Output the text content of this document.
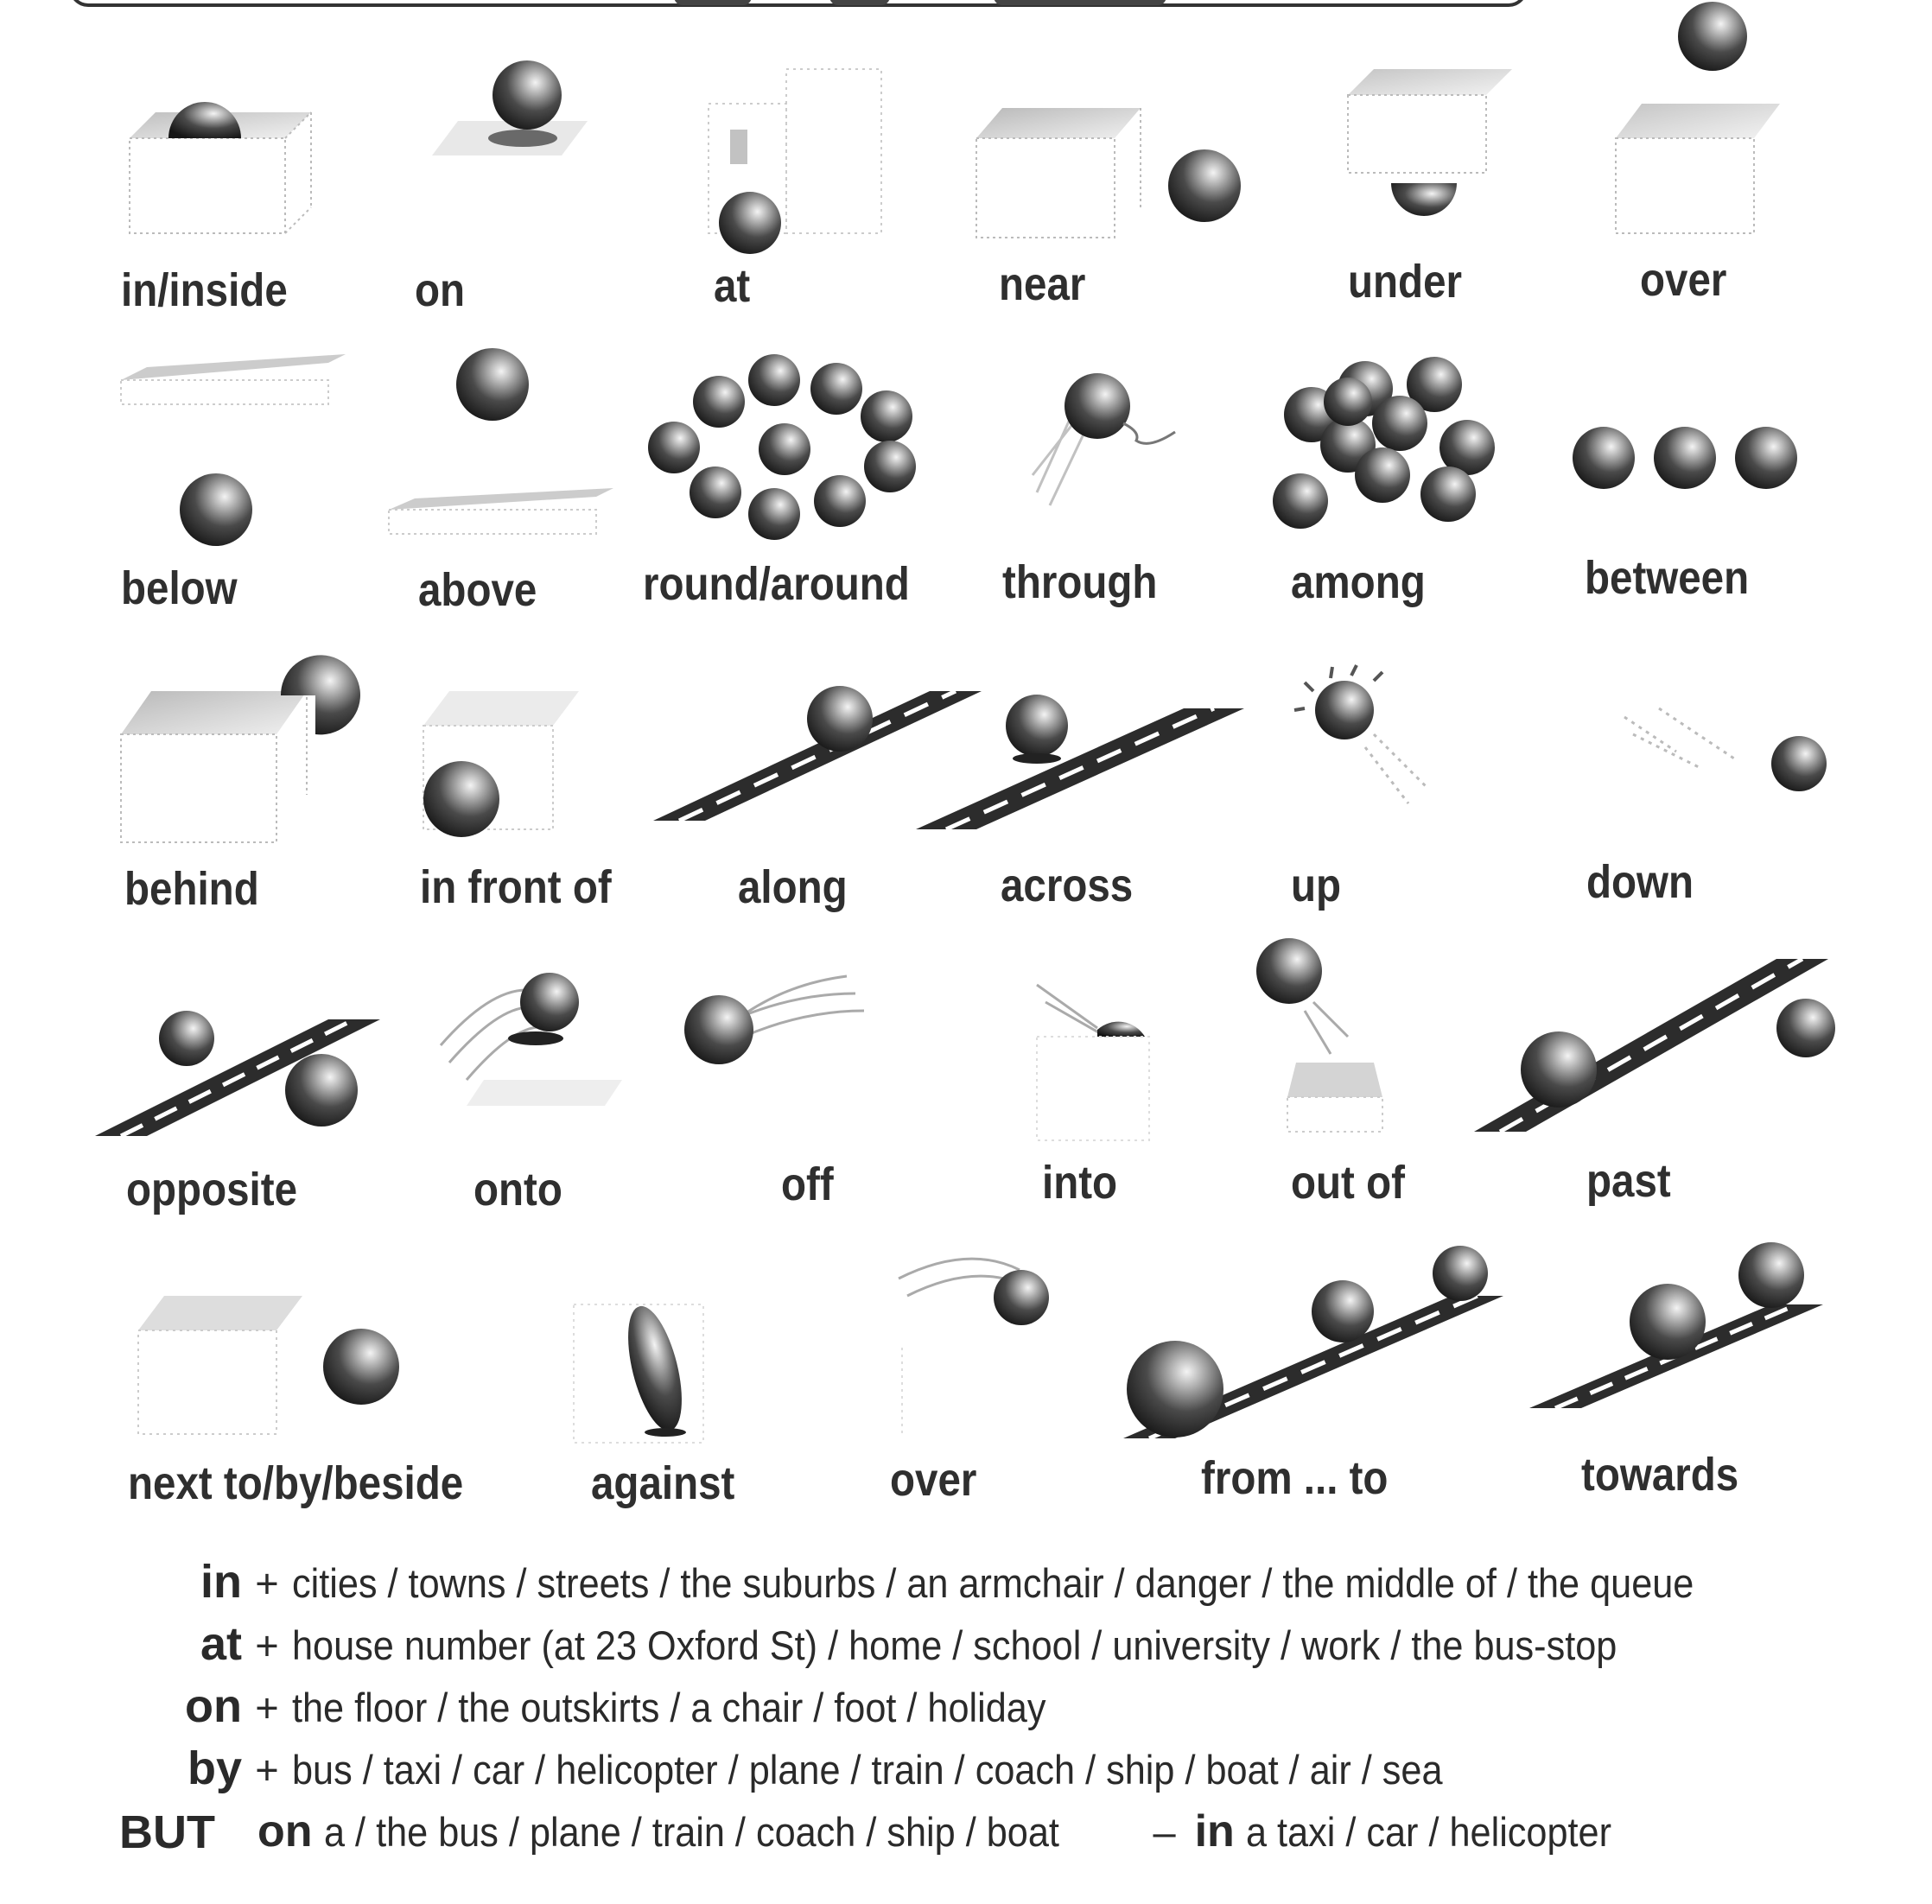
in/inside	on	at	near	under	over
below	above round/around through	among	between
behind	in front of	along	across	up	down
opposite	onto	off	into	out of	past
next to/by/beside	against	over	from ... to	towards
in + cities / towns / streets / the suburbs / an armchair / danger / the middle of / the queue
at + house number (at 23 Oxford St) / home / school / university / work / the bus-stop
on + the floor / the outskirts / a chair / foot / holiday
by + bus / taxi / car / helicopter / plane / train / coach / ship / boat / air / sea
BUT on a / the bus / plane / train / coach / ship / boat – in a taxi / car / helicopter
